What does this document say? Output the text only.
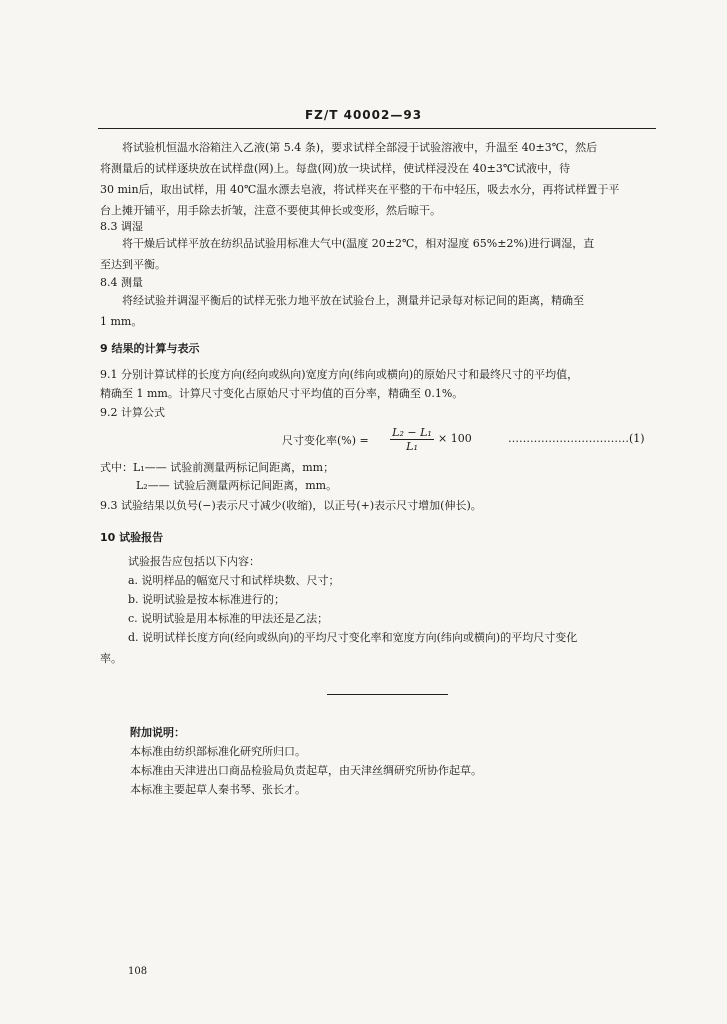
FZ/T 40002—93
将试验机恒温水浴箱注入乙液(第 5.4 条)，要求试样全部浸于试验溶液中，升温至 40±3℃，然后
将测量后的试样逐块放在试样盘(网)上。每盘(网)放一块试样，使试样浸没在 40±3℃试液中，待
30 min后，取出试样，用 40℃温水漂去皂液，将试样夹在平整的干布中轻压，吸去水分，再将试样置于平
台上摊开铺平，用手除去折皱，注意不要使其伸长或变形，然后晾干。
8.3 调湿
将干燥后试样平放在纺织品试验用标准大气中(温度 20±2℃，相对湿度 65%±2%)进行调湿，直
至达到平衡。
8.4 测量
将经试验并调湿平衡后的试样无张力地平放在试验台上，测量并记录每对标记间的距离，精确至
1 mm。
9 结果的计算与表示
9.1 分别计算试样的长度方向(经向或纵向)宽度方向(纬向或横向)的原始尺寸和最终尺寸的平均值，
精确至 1 mm。计算尺寸变化占原始尺寸平均值的百分率，精确至 0.1%。
9.2 计算公式
尺寸变化率(%) = $\frac{\text{L₂ − L₁}}{\text{L₁}} \times 100$	……………………………(1)
式中：L₁—— 试验前测量两标记间距离，mm；
L₂—— 试验后测量两标记间距离，mm。
9.3 试验结果以负号(−)表示尺寸减少(收缩)，以正号(+)表示尺寸增加(伸长)。
10 试验报告
试验报告应包括以下内容：
a. 说明样品的幅宽尺寸和试样块数、尺寸；
b. 说明试验是按本标准进行的；
c. 说明试验是用本标准的甲法还是乙法；
d. 说明试样长度方向(经向或纵向)的平均尺寸变化率和宽度方向(纬向或横向)的平均尺寸变化
率。
附加说明：
本标准由纺织部标准化研究所归口。
本标准由天津进出口商品检验局负责起草，由天津丝绸研究所协作起草。
本标准主要起草人秦书琴、张长才。
108
